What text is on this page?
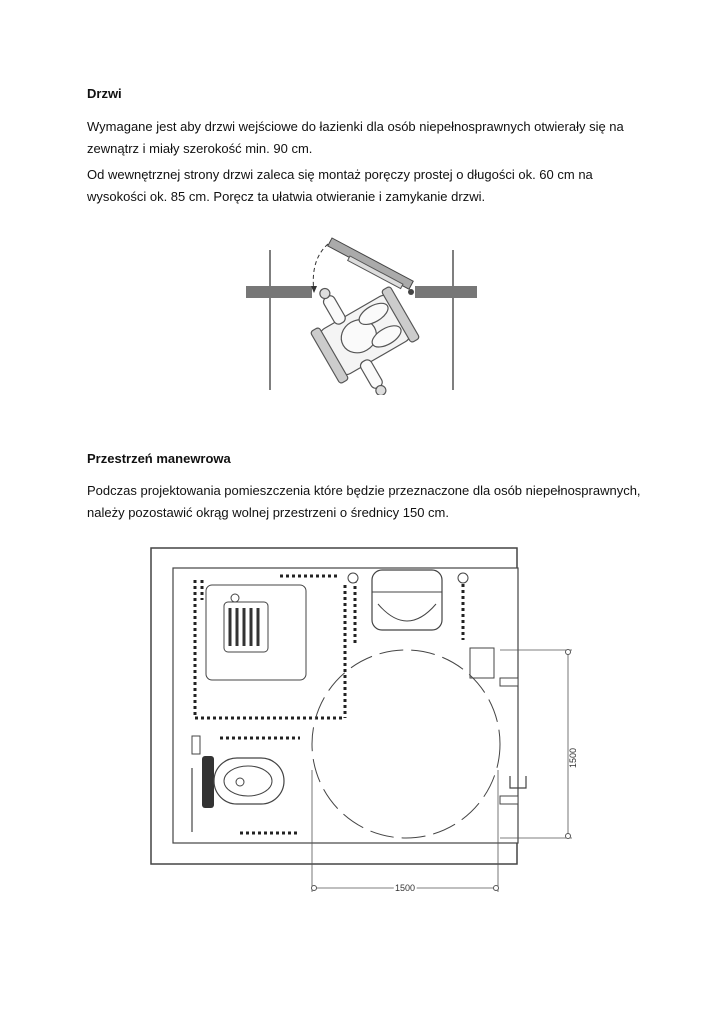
Drzwi

Wymagane jest aby drzwi wejściowe do łazienki dla osób niepełnosprawnych otwierały się na zewnątrz i miały szerokość min. 90 cm.

Od wewnętrznej strony drzwi zaleca się montaż poręczy prostej o długości ok. 60 cm na wysokości ok. 85 cm. Poręcz ta ułatwia otwieranie i zamykanie drzwi.

Przestrzeń manewrowa

Podczas projektowania pomieszczenia które będzie przeznaczone dla osób niepełnosprawnych, należy pozostawić okrąg wolnej przestrzeni o średnicy 150 cm.

1500
1500
